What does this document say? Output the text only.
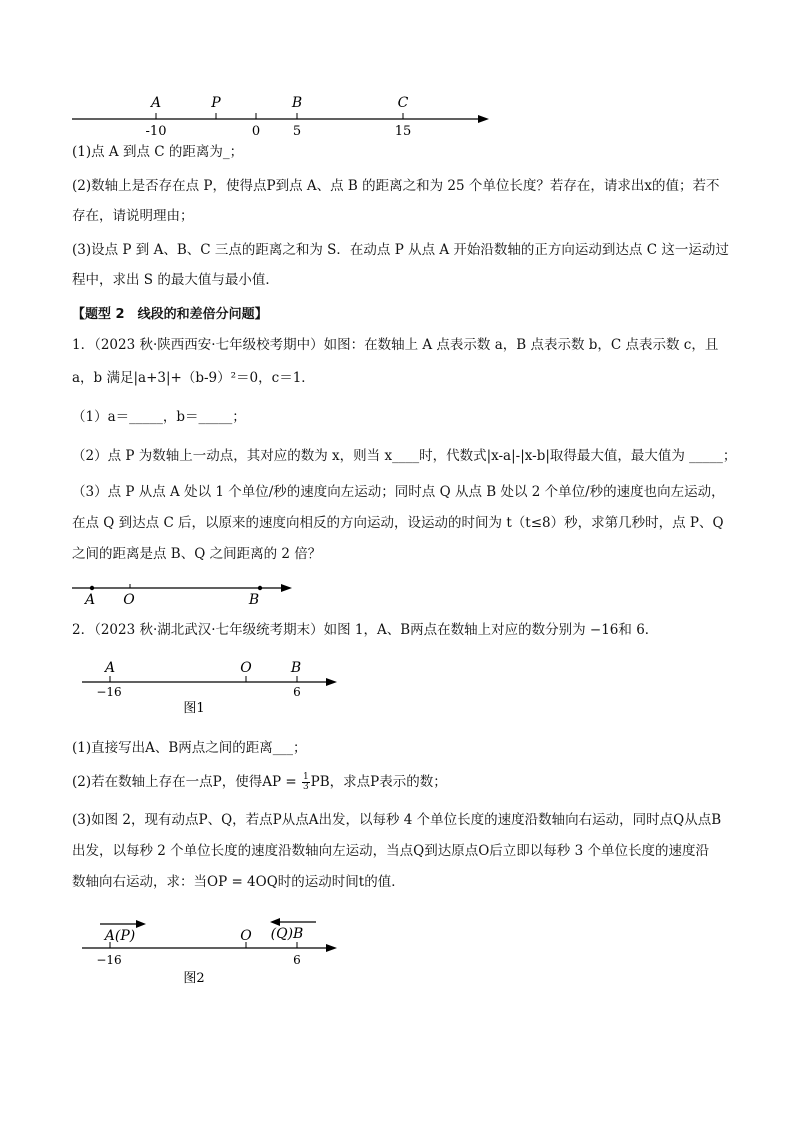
A	P	B	C
-10	0	5	15
(1)点 A 到点 C 的距离为_；
(2)数轴上是否存在点 P，使得点P到点 A、点 B 的距离之和为 25 个单位长度？若存在，请求出x的值；若不
存在，请说明理由；
(3)设点 P 到 A、B、C 三点的距离之和为 S．在动点 P 从点 A 开始沿数轴的正方向运动到达点 C 这一运动过
程中，求出 S 的最大值与最小值．
【题型 2　线段的和差倍分问题】
1．（2023 秋·陕西西安·七年级校考期中）如图：在数轴上 A 点表示数 a，B 点表示数 b，C 点表示数 c，且
a，b 满足|a+3|+（b-9）²＝0，c＝1．
（1）a＝_____，b＝_____；
（2）点 P 为数轴上一动点，其对应的数为 x，则当 x____时，代数式|x-a|-|x-b|取得最大值，最大值为 _____；
（3）点 P 从点 A 处以 1 个单位/秒的速度向左运动；同时点 Q 从点 B 处以 2 个单位/秒的速度也向左运动，
在点 Q 到达点 C 后，以原来的速度向相反的方向运动，设运动的时间为 t（t≤8）秒，求第几秒时，点 P、Q
之间的距离是点 B、Q 之间距离的 2 倍？
A O	B
2．（2023 秋·湖北武汉·七年级统考期末）如图 1，A、B两点在数轴上对应的数分别为 −16和 6．
A	O	B
−16	6
图1
(1)直接写出A、B两点之间的距离___；
(2)若在数轴上存在一点P，使得AP = $\frac{1}{3}$ PB，求点P表示的数；
(3)如图 2，现有动点P、Q，若点P从点A出发，以每秒 4 个单位长度的速度沿数轴向右运动，同时点Q从点B
出发，以每秒 2 个单位长度的速度沿数轴向左运动，当点Q到达原点O后立即以每秒 3 个单位长度的速度沿
数轴向右运动，求：当OP = 4OQ时的运动时间t的值．
A(P)	O (Q)B
−16	6
图2
